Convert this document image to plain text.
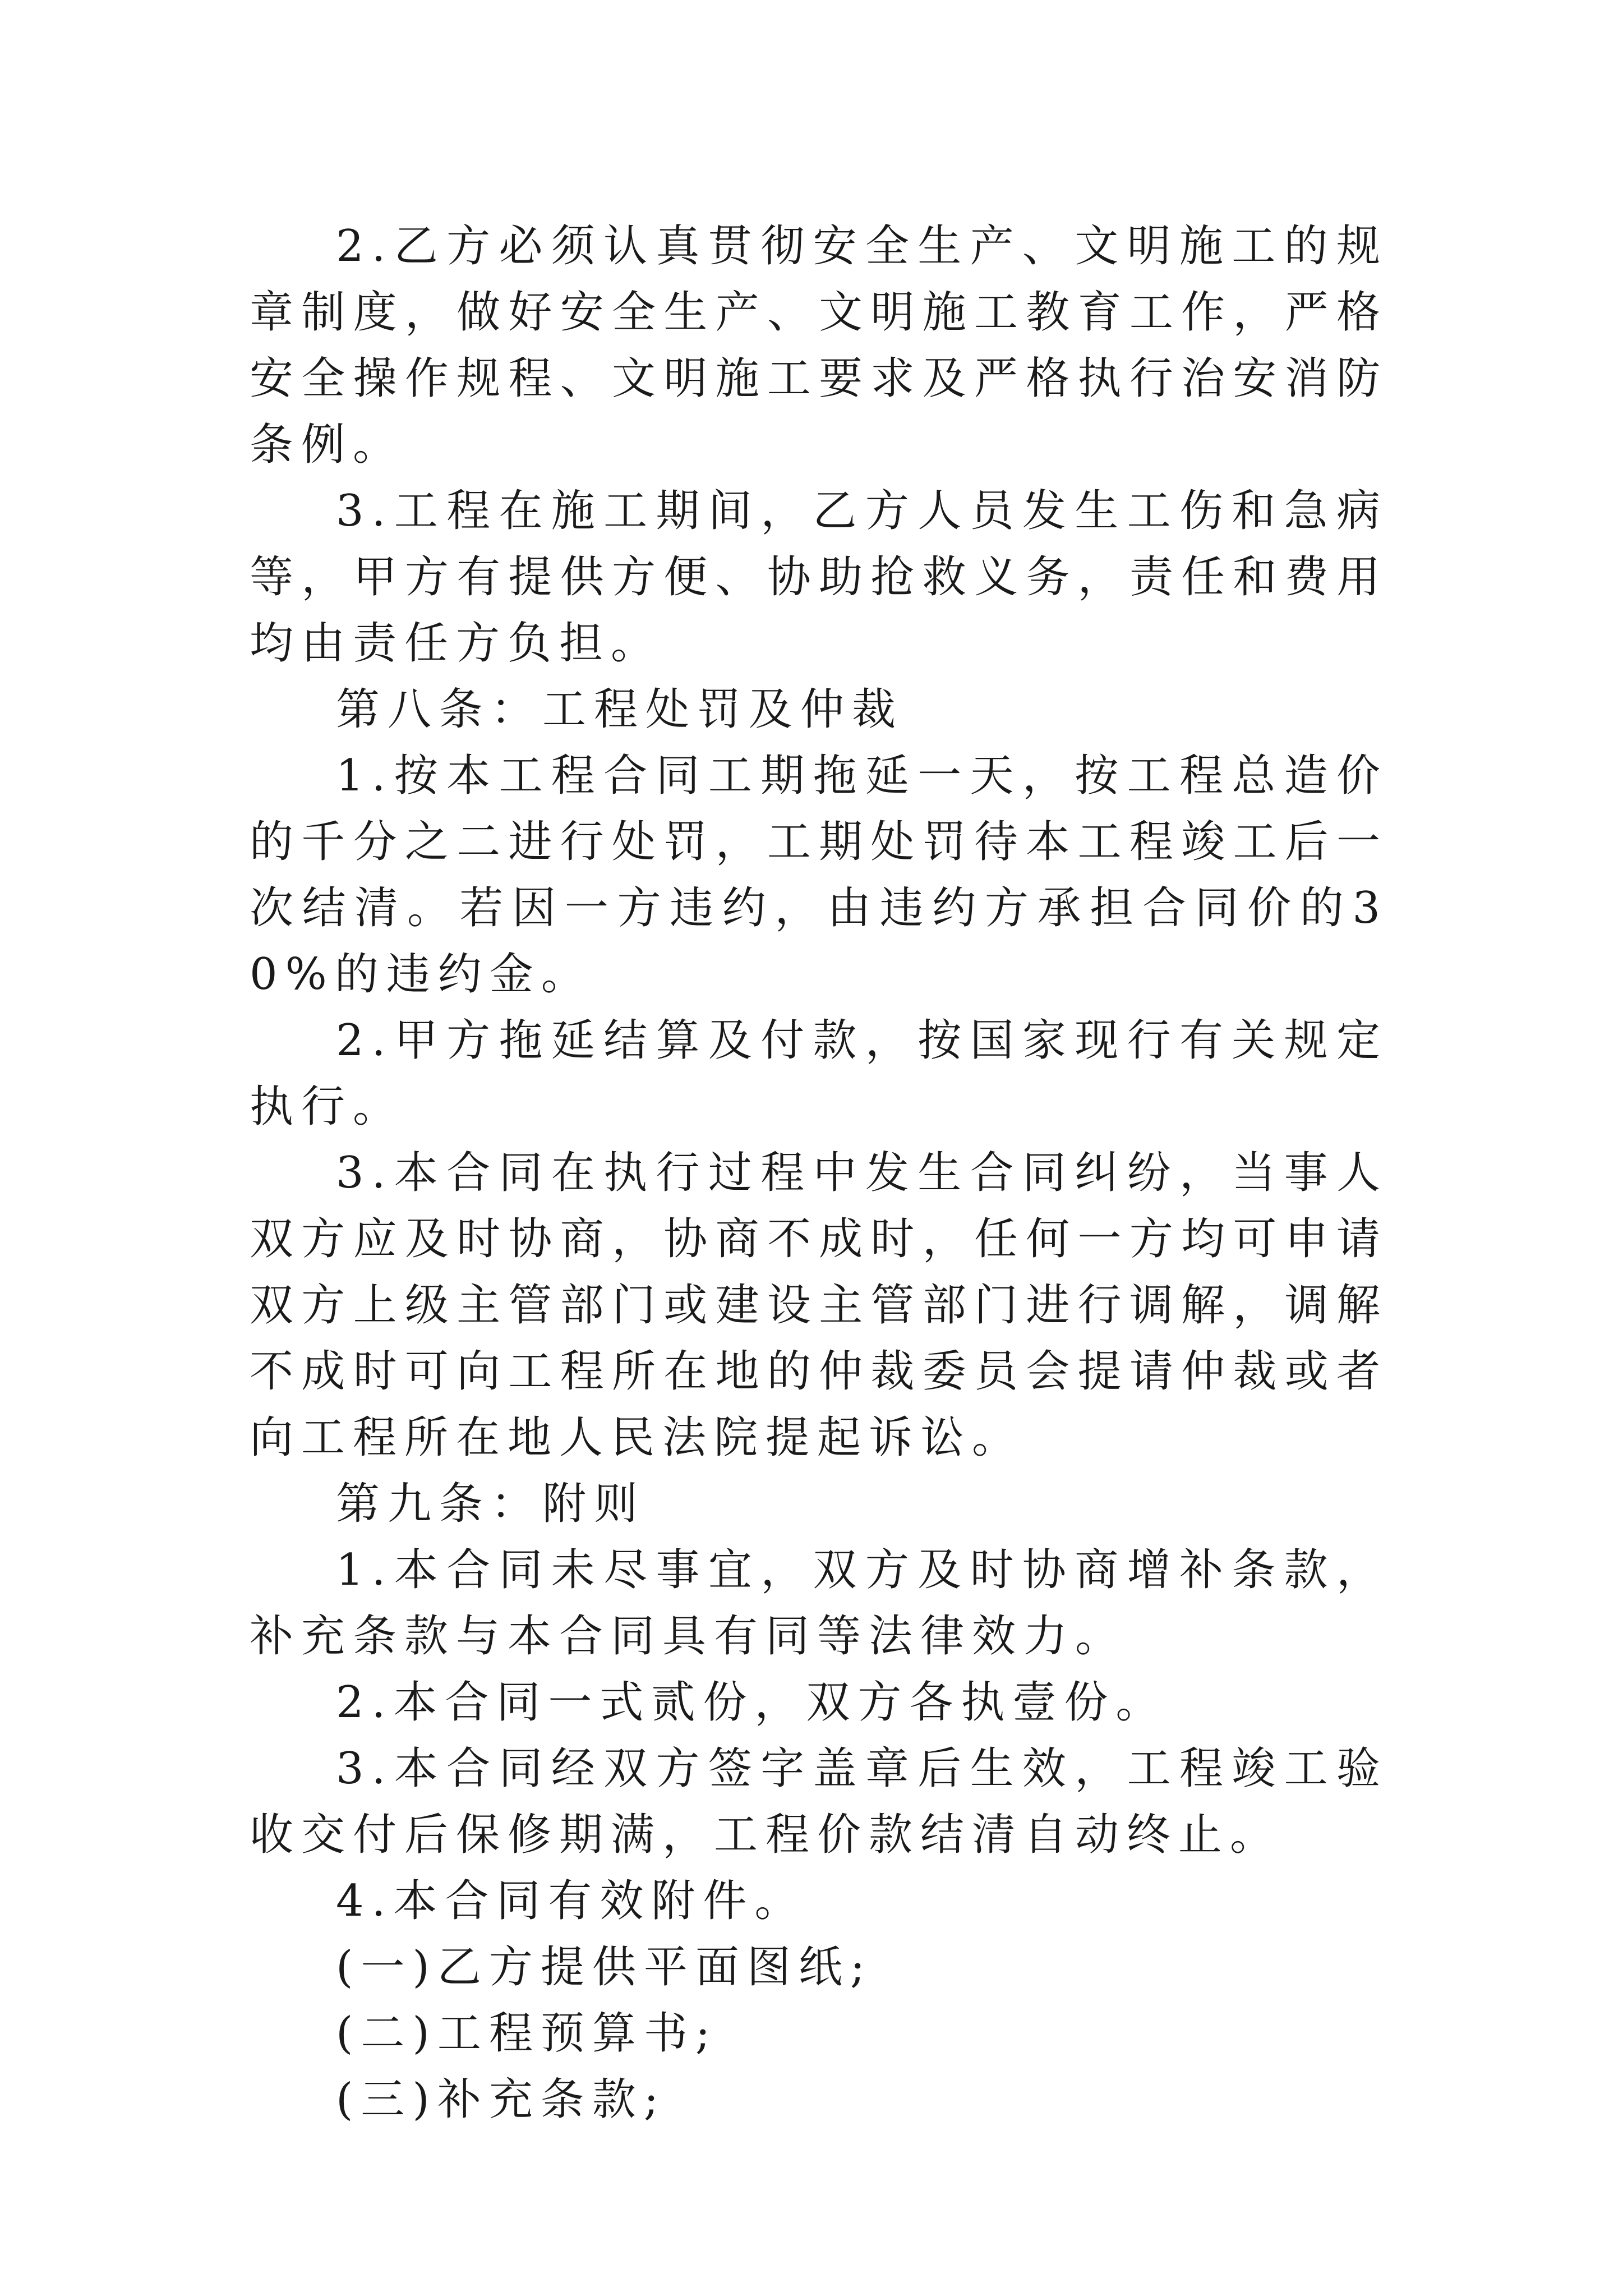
2.乙方必须认真贯彻安全生产、文明施工的规章制度，做好安全生产、文明施工教育工作，严格安全操作规程、文明施工要求及严格执行治安消防条例。

3.工程在施工期间，乙方人员发生工伤和急病等，甲方有提供方便、协助抢救义务，责任和费用均由责任方负担。

第八条：工程处罚及仲裁

1.按本工程合同工期拖延一天，按工程总造价的千分之二进行处罚，工期处罚待本工程竣工后一次结清。若因一方违约，由违约方承担合同价的30%的违约金。

2.甲方拖延结算及付款，按国家现行有关规定执行。

3.本合同在执行过程中发生合同纠纷，当事人双方应及时协商，协商不成时，任何一方均可申请双方上级主管部门或建设主管部门进行调解，调解不成时可向工程所在地的仲裁委员会提请仲裁或者向工程所在地人民法院提起诉讼。

第九条：附则

1.本合同未尽事宜，双方及时协商增补条款，补充条款与本合同具有同等法律效力。

2.本合同一式贰份，双方各执壹份。

3.本合同经双方签字盖章后生效，工程竣工验收交付后保修期满，工程价款结清自动终止。

4.本合同有效附件。

(一)乙方提供平面图纸;

(二)工程预算书;

(三)补充条款;
